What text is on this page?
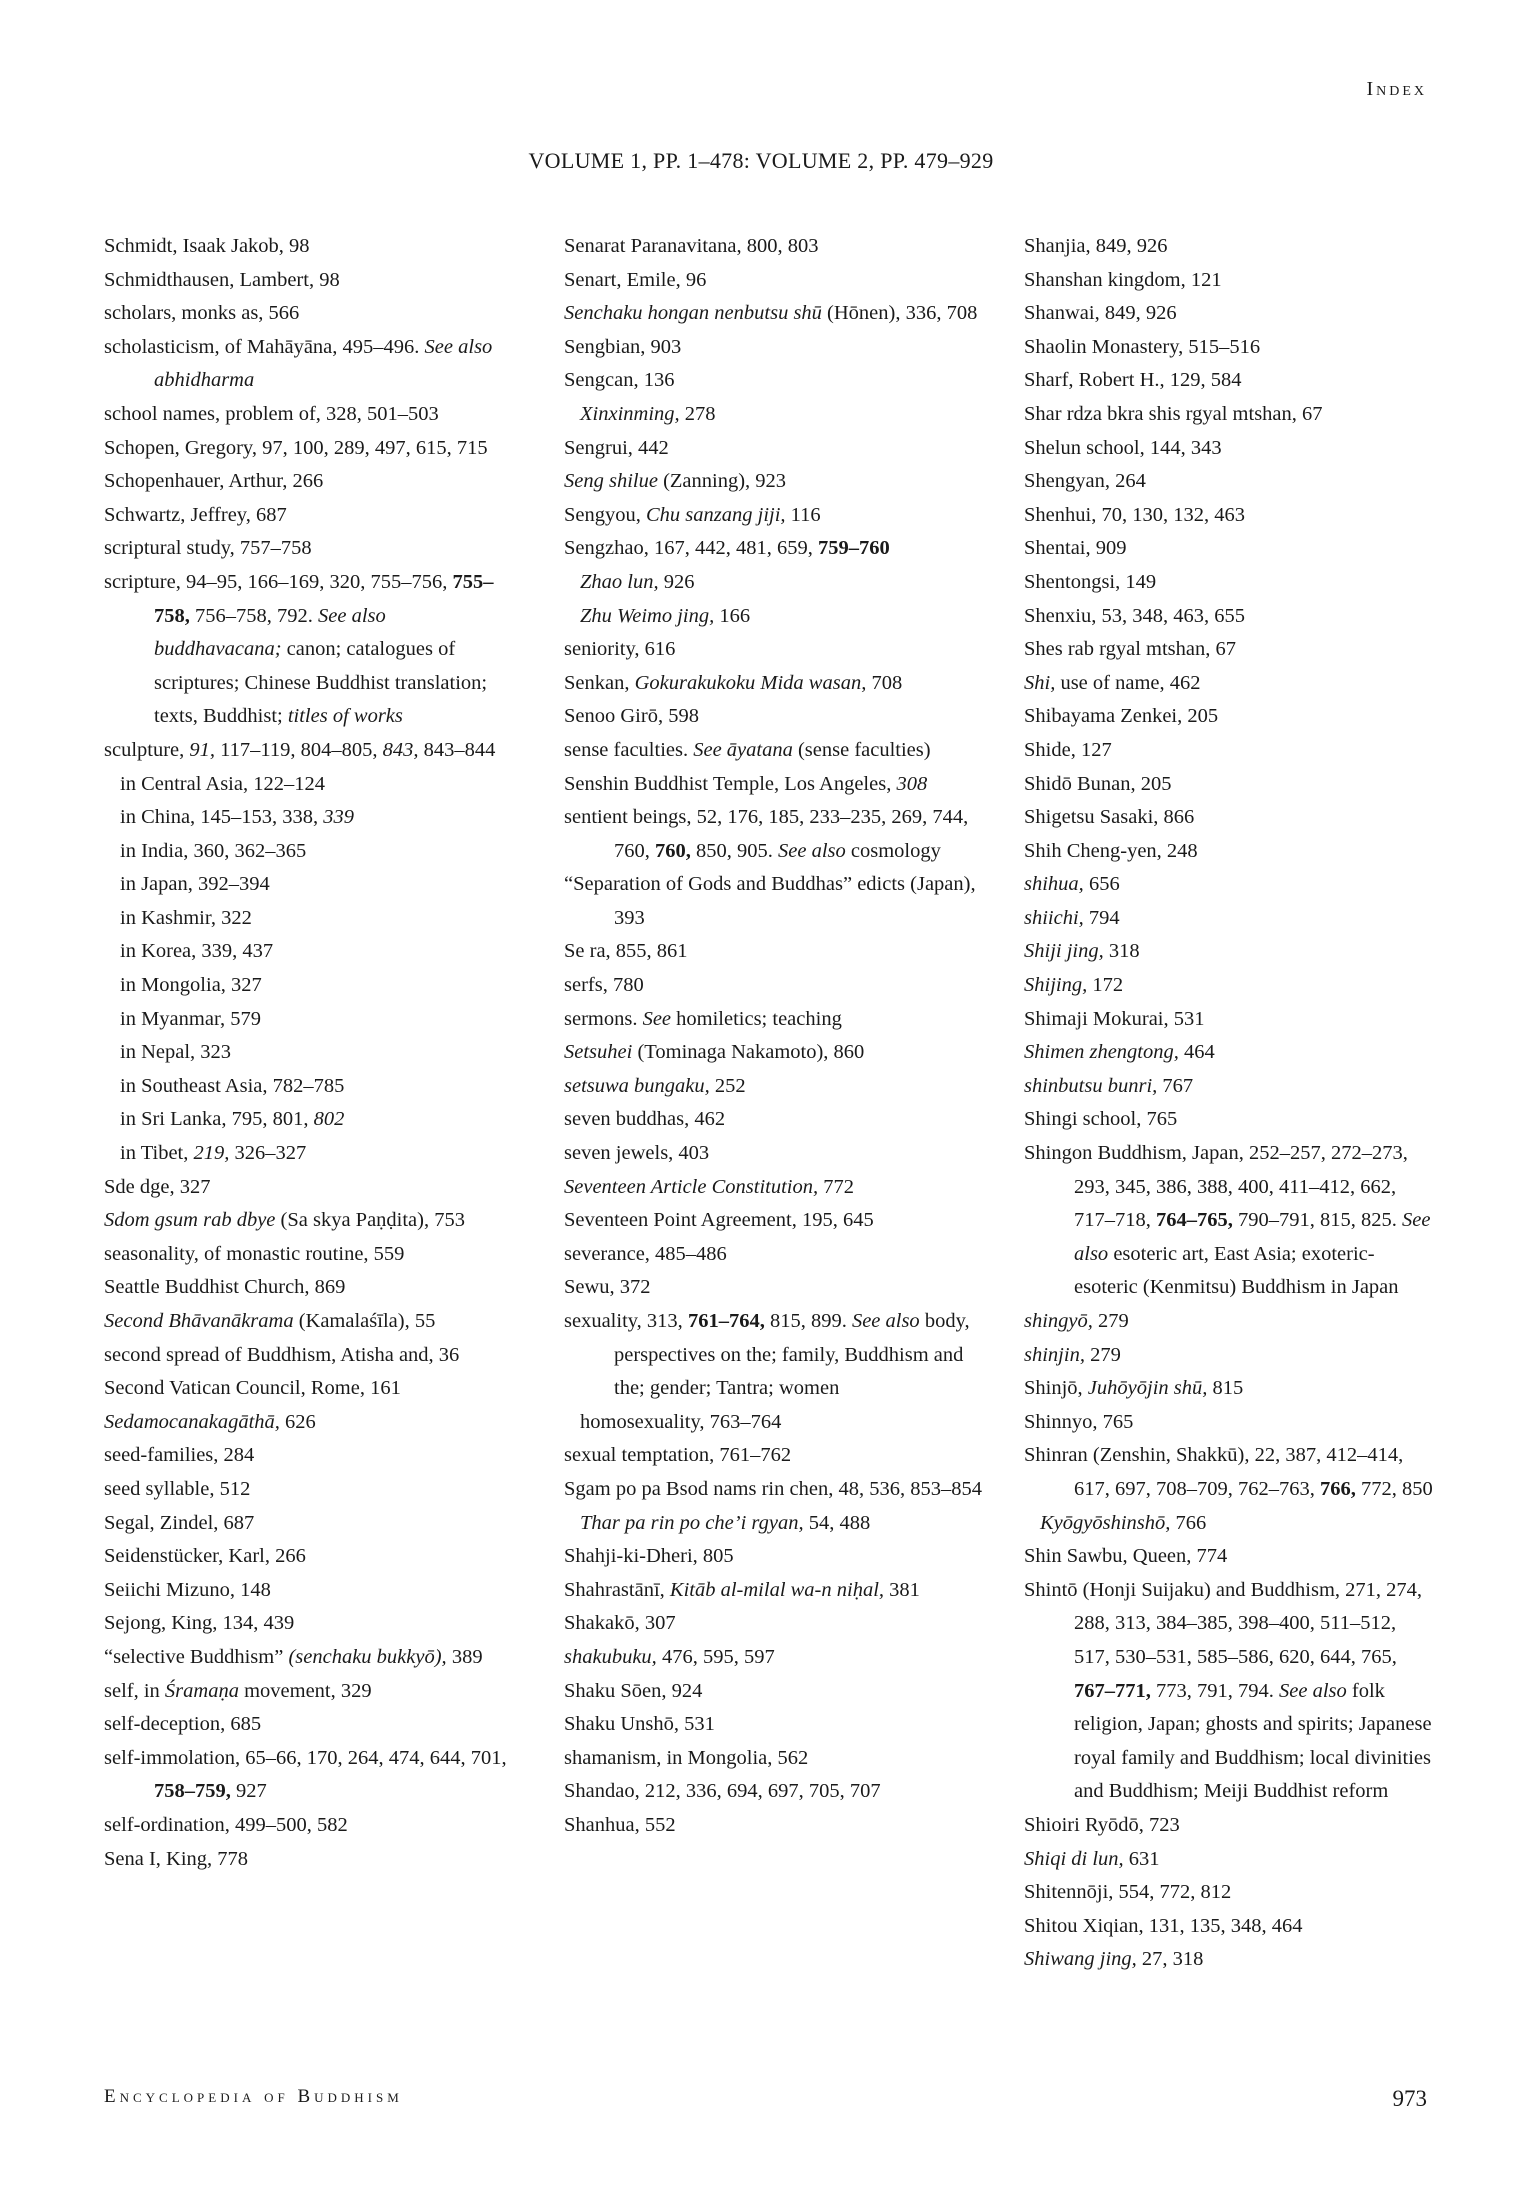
Index
VOLUME 1, PP. 1–478: VOLUME 2, PP. 479–929
Schmidt, Isaak Jakob, 98
Schmidthausen, Lambert, 98
scholars, monks as, 566
scholasticism, of Mahāyāna, 495–496. See also abhidharma
school names, problem of, 328, 501–503
Schopen, Gregory, 97, 100, 289, 497, 615, 715
Schopenhauer, Arthur, 266
Schwartz, Jeffrey, 687
scriptural study, 757–758
scripture, 94–95, 166–169, 320, 755–756, 755–758, 756–758, 792. See also buddhavacana; canon; catalogues of scriptures; Chinese Buddhist translation; texts, Buddhist; titles of works
sculpture, 91, 117–119, 804–805, 843, 843–844
in Central Asia, 122–124
in China, 145–153, 338, 339
in India, 360, 362–365
in Japan, 392–394
in Kashmir, 322
in Korea, 339, 437
in Mongolia, 327
in Myanmar, 579
in Nepal, 323
in Southeast Asia, 782–785
in Sri Lanka, 795, 801, 802
in Tibet, 219, 326–327
Sde dge, 327
Sdom gsum rab dbye (Sa skya Paṇḍita), 753
seasonality, of monastic routine, 559
Seattle Buddhist Church, 869
Second Bhāvanākrama (Kamalaśīla), 55
second spread of Buddhism, Atisha and, 36
Second Vatican Council, Rome, 161
Sedamocanakagāthā, 626
seed-families, 284
seed syllable, 512
Segal, Zindel, 687
Seidenstücker, Karl, 266
Seiichi Mizuno, 148
Sejong, King, 134, 439
“selective Buddhism” (senchaku bukkyō), 389
self, in Śramaṇa movement, 329
self-deception, 685
self-immolation, 65–66, 170, 264, 474, 644, 701, 758–759, 927
self-ordination, 499–500, 582
Sena I, King, 778
Senarat Paranavitana, 800, 803
Senart, Emile, 96
Senchaku hongan nenbutsu shū (Hōnen), 336, 708
Sengbian, 903
Sengcan, 136
Xinxinming, 278
Sengrui, 442
Seng shilue (Zanning), 923
Sengyou, Chu sanzang jiji, 116
Sengzhao, 167, 442, 481, 659, 759–760
Zhao lun, 926
Zhu Weimo jing, 166
seniority, 616
Senkan, Gokurakukoku Mida wasan, 708
Senoo Girō, 598
sense faculties. See āyatana (sense faculties)
Senshin Buddhist Temple, Los Angeles, 308
sentient beings, 52, 176, 185, 233–235, 269, 744, 760, 760, 850, 905. See also cosmology
“Separation of Gods and Buddhas” edicts (Japan), 393
Se ra, 855, 861
serfs, 780
sermons. See homiletics; teaching
Setsuhei (Tominaga Nakamoto), 860
setsuwa bungaku, 252
seven buddhas, 462
seven jewels, 403
Seventeen Article Constitution, 772
Seventeen Point Agreement, 195, 645
severance, 485–486
Sewu, 372
sexuality, 313, 761–764, 815, 899. See also body, perspectives on the; family, Buddhism and the; gender; Tantra; women
homosexuality, 763–764
sexual temptation, 761–762
Sgam po pa Bsod nams rin chen, 48, 536, 853–854
Thar pa rin po che’i rgyan, 54, 488
Shahji-ki-Dheri, 805
Shahrastānī, Kitāb al-milal wa-n niḥal, 381
Shakakō, 307
shakubuku, 476, 595, 597
Shaku Sōen, 924
Shaku Unshō, 531
shamanism, in Mongolia, 562
Shandao, 212, 336, 694, 697, 705, 707
Shanhua, 552
Shanjia, 849, 926
Shanshan kingdom, 121
Shanwai, 849, 926
Shaolin Monastery, 515–516
Sharf, Robert H., 129, 584
Shar rdza bkra shis rgyal mtshan, 67
Shelun school, 144, 343
Shengyan, 264
Shenhui, 70, 130, 132, 463
Shentai, 909
Shentongsi, 149
Shenxiu, 53, 348, 463, 655
Shes rab rgyal mtshan, 67
Shi, use of name, 462
Shibayama Zenkei, 205
Shide, 127
Shidō Bunan, 205
Shigetsu Sasaki, 866
Shih Cheng-yen, 248
shihua, 656
shiichi, 794
Shiji jing, 318
Shijing, 172
Shimaji Mokurai, 531
Shimen zhengtong, 464
shinbutsu bunri, 767
Shingi school, 765
Shingon Buddhism, Japan, 252–257, 272–273, 293, 345, 386, 388, 400, 411–412, 662, 717–718, 764–765, 790–791, 815, 825. See also esoteric art, East Asia; exoteric-esoteric (Kenmitsu) Buddhism in Japan
shingyō, 279
shinjin, 279
Shinjō, Juhōyōjin shū, 815
Shinnyo, 765
Shinran (Zenshin, Shakkū), 22, 387, 412–414, 617, 697, 708–709, 762–763, 766, 772, 850
Kyōgyōshinshō, 766
Shin Sawbu, Queen, 774
Shintō (Honji Suijaku) and Buddhism, 271, 274, 288, 313, 384–385, 398–400, 511–512, 517, 530–531, 585–586, 620, 644, 765, 767–771, 773, 791, 794. See also folk religion, Japan; ghosts and spirits; Japanese royal family and Buddhism; local divinities and Buddhism; Meiji Buddhist reform
Shioiri Ryōdō, 723
Shiqi di lun, 631
Shitennōji, 554, 772, 812
Shitou Xiqian, 131, 135, 348, 464
Shiwang jing, 27, 318
Encyclopedia of Buddhism	973
